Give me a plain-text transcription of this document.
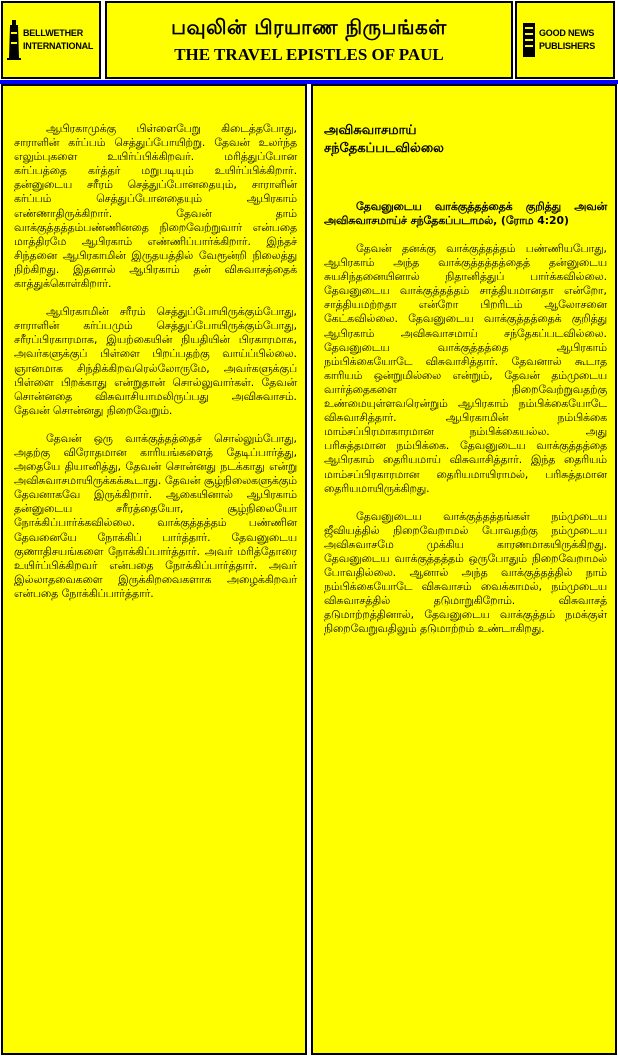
BELLWETHER
INTERNATIONAL
பவுலின் பிரயாண நிருபங்கள்
THE TRAVEL EPISTLES OF PAUL
GOOD NEWS
PUBLISHERS

ஆபிரகாமுக்கு பிள்ளைபேறு கிடைத்தபோது, சாராளின் கர்ப்பம் செத்துப்போயிற்று. தேவன் உலர்ந்த எலும்புகளை உயிர்ப்பிக்கிறவர். மரித்துப்போன கர்ப்பத்தை கர்த்தர் மறுபடியும் உயிர்ப்பிக்கிறார். தன்னுடைய சரீரம் செத்துப்போனதையும், சாராளின் கர்ப்பம் செத்துப்போனதையும் ஆபிரகாம் எண்ணாதிருக்கிறார். தேவன் தாம் வாக்குத்தத்தம்பண்ணினதை நிறைவேற்றுவார் என்பதை மாத்திரமே ஆபிரகாம் எண்ணிப்பார்க்கிறார். இந்தச் சிந்தனை ஆபிரகாமின் இருதயத்தில் வேரூன்றி நிலைத்து நிற்கிறது. இதனால் ஆபிரகாம் தன் விசுவாசத்தைக் காத்துக்கொள்கிறார்.

ஆபிரகாமின் சரீரம் செத்துப்போயிருக்கும்போது, சாராளின் கர்ப்பமும் செத்துப்போயிருக்கும்போது, சரீரப்பிரகாரமாக, இயற்கையின் நியதியின் பிரகாரமாக, அவர்களுக்குப் பிள்ளை பிறப்பதற்கு வாய்ப்பில்லை. ஞானமாக சிந்திக்கிறவரெல்லோருமே, அவர்களுக்குப் பிள்ளை பிறக்காது என்றுதான் சொல்லுவார்கள். தேவன் சொன்னதை விசுவாசியாமலிருப்பது அவிசுவாசம். தேவன் சொன்னது நிறைவேறும்.

தேவன் ஒரு வாக்குத்தத்தைச் சொல்லும்போது, அதற்கு விரோதமான காரியங்களைத் தேடிப்பார்த்து, அதையே தியானித்து, தேவன் சொன்னது நடக்காது என்று அவிசுவாசமாயிருக்கக்கூடாது. தேவன் சூழ்நிலைகளுக்கும் தேவனாகவே இருக்கிறார். ஆகையினால் ஆபிரகாம் தன்னுடைய சரீரத்தையோ, சூழ்நிலையோ நோக்கிப்பார்க்கவில்லை. வாக்குத்தத்தம் பண்ணின தேவனையே நோக்கிப் பார்த்தார். தேவனுடைய குணாதிசயங்களை நோக்கிப்பார்த்தார். அவர் மரித்தோரை உயிர்ப்பிக்கிறவர் என்பதை நோக்கிப்பார்த்தார். அவர் இல்லாதவைகளை இருக்கிறவைகளாக அழைக்கிறவர் என்பதை நோக்கிப்பார்த்தார்.

அவிசுவாசமாய்
சந்தேகப்படவில்லை

தேவனுடைய வாக்குத்தத்தைக் குறித்து அவன் அவிசுவாசமாய்ச் சந்தேகப்படாமல், (ரோம 4:20)

தேவன் தனக்கு வாக்குத்தத்தம் பண்ணியபோது, ஆபிரகாம் அந்த வாக்குத்தத்தத்தைத் தன்னுடைய சுயசிந்தனையினால் நிதானித்துப் பார்க்கவில்லை. தேவனுடைய வாக்குத்தத்தம் சாத்தியமானதா என்றோ, சாத்தியமற்றதா என்றோ பிறரிடம் ஆலோசனை கேட்கவில்லை. தேவனுடைய வாக்குத்தத்தைக் குறித்து ஆபிரகாம் அவிசுவாசமாய் சந்தேகப்படவில்லை. தேவனுடைய வாக்குத்தத்தை ஆபிரகாம் நம்பிக்கையோடே விசுவாசித்தார். தேவனால் கூடாத காரியம் ஒன்றுமில்லை என்றும், தேவன் தம்முடைய வார்த்தைகளை நிறைவேற்றுவதற்கு உண்மையுள்ளவரென்றும் ஆபிரகாம் நம்பிக்கையோடே விசுவாசித்தார். ஆபிரகாமின் நம்பிக்கை மாம்சப்பிரமாகாரமான நம்பிக்கையல்ல. அது பரிசுத்தமான நம்பிக்கை. தேவனுடைய வாக்குத்தத்தை ஆபிரகாம் தைரியமாய் விசுவாசித்தார். இந்த தைரியம் மாம்சப்பிரகாரமான தைரியமாயிராமல், பரிசுத்தமான தைரியமாயிருக்கிறது.

தேவனுடைய வாக்குத்தத்தங்கள் நம்முடைய ஜீவியத்தில் நிறைவேறாமல் போவதற்கு நம்முடைய அவிசுவாசமே முக்கிய காரணமாகயிருக்கிறது. தேவனுடைய வாக்குத்தத்தம் ஒருபோதும் நிறைவேறாமல் போவதில்லை. ஆனால் அந்த வாக்குத்தத்தில் நாம் நம்பிக்கையோடே விசுவாசம் வைக்காமல், நம்முடைய விசுவாசத்தில் தடுமாறுகிறோம். விசுவாசத் தடுமாற்றத்தினால், தேவனுடைய வாக்குத்தம் நமக்குள் நிறைவேறுவதிலும் தடுமாற்றம் உண்டாகிறது.
